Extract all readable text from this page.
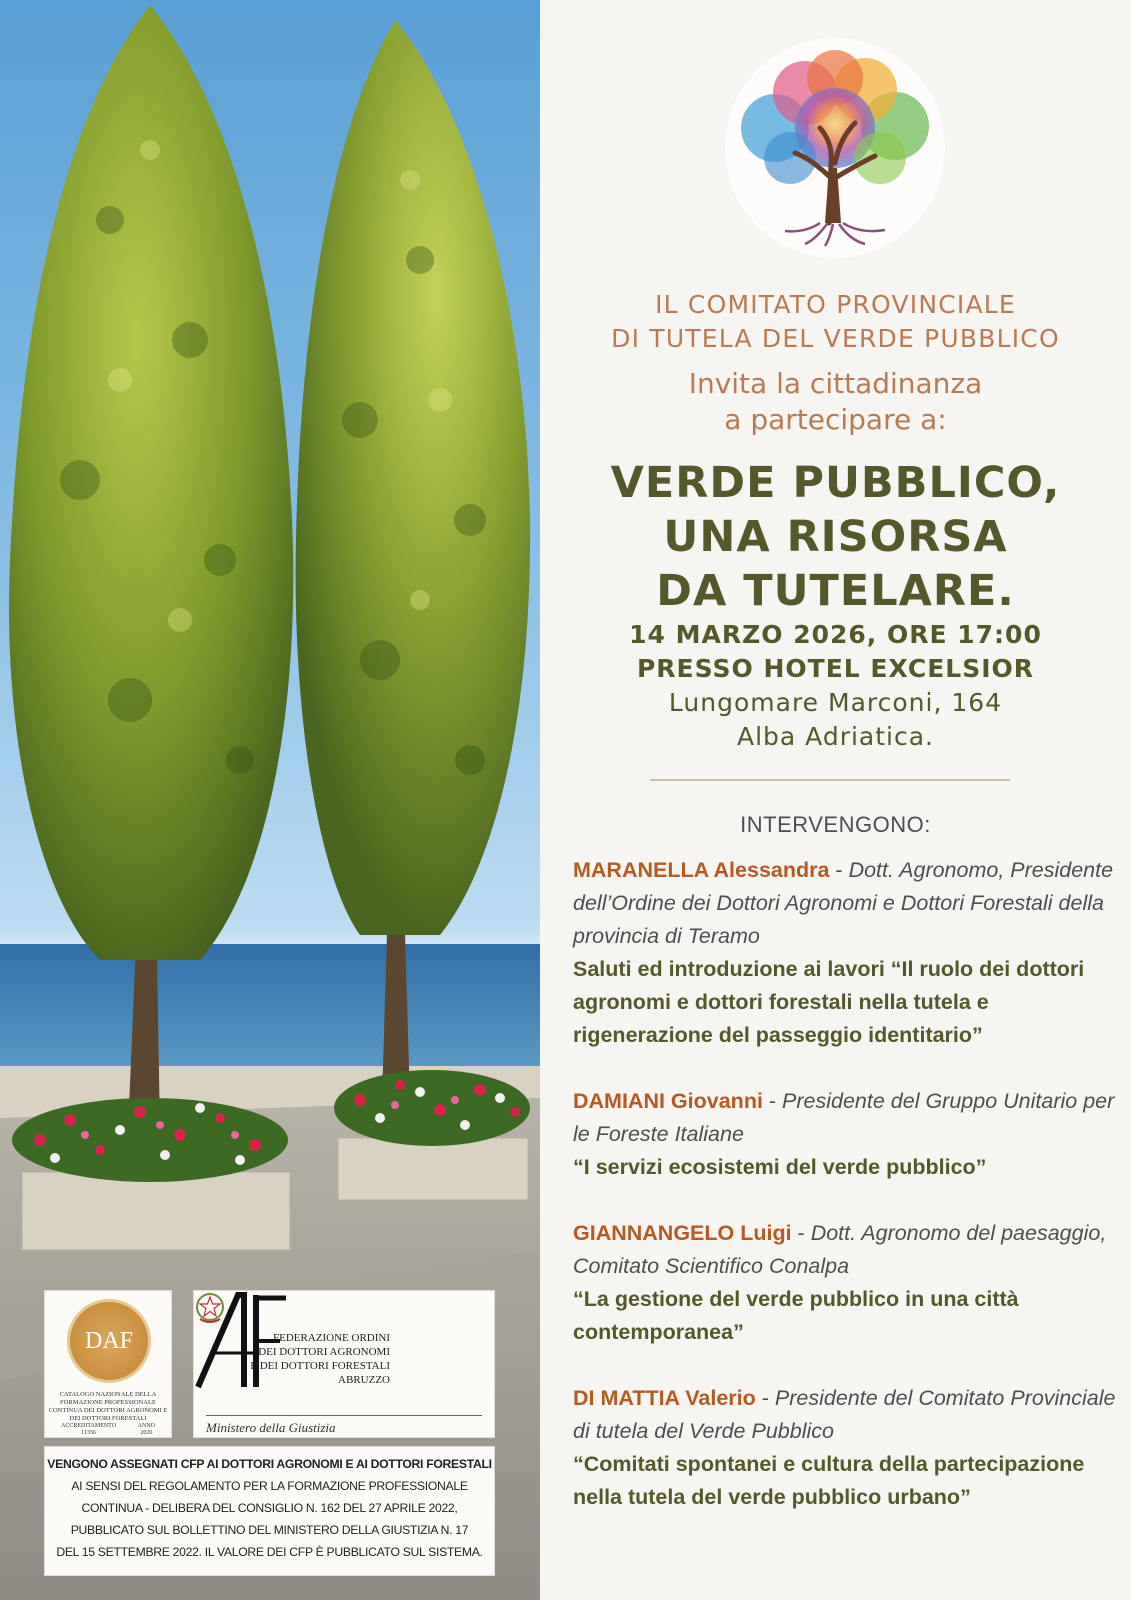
DAF
CATALOGO NAZIONALE DELLA FORMAZIONE PROFESSIONALE CONTINUA DEI DOTTORI AGRONOMI E DEI DOTTORI FORESTALI
ACCREDITAMENTO
11356
ANNO
2026
FEDERAZIONE ORDINI
DEI DOTTORI AGRONOMI
E DEI DOTTORI FORESTALI
ABRUZZO
Ministero della Giustizia
VENGONO ASSEGNATI CFP AI DOTTORI AGRONOMI E AI DOTTORI FORESTALI
AI SENSI DEL REGOLAMENTO PER LA FORMAZIONE PROFESSIONALE
CONTINUA - DELIBERA DEL CONSIGLIO N. 162 DEL 27 APRILE 2022,
PUBBLICATO SUL BOLLETTINO DEL MINISTERO DELLA GIUSTIZIA N. 17
DEL 15 SETTEMBRE 2022. IL VALORE DEI CFP È PUBBLICATO SUL SISTEMA.
IL COMITATO PROVINCIALE
DI TUTELA DEL VERDE PUBBLICO
Invita la cittadinanza
a partecipare a:
VERDE PUBBLICO,
UNA RISORSA
DA TUTELARE.
14 MARZO 2026, ORE 17:00
PRESSO HOTEL EXCELSIOR
Lungomare Marconi, 164
Alba Adriatica.
INTERVENGONO:
MARANELLA Alessandra - Dott. Agronomo, Presidente dell’Ordine dei Dottori Agronomi e Dottori Forestali della provincia di Teramo
Saluti ed introduzione ai lavori “Il ruolo dei dottori agronomi e dottori forestali nella tutela e rigenerazione del passeggio identitario”
DAMIANI Giovanni - Presidente del Gruppo Unitario per le Foreste Italiane
“I servizi ecosistemi del verde pubblico”
GIANNANGELO Luigi - Dott. Agronomo del paesaggio, Comitato Scientifico Conalpa
“La gestione del verde pubblico in una città contemporanea”
DI MATTIA Valerio - Presidente del Comitato Provinciale di tutela del Verde Pubblico
“Comitati spontanei e cultura della partecipazione nella tutela del verde pubblico urbano”
